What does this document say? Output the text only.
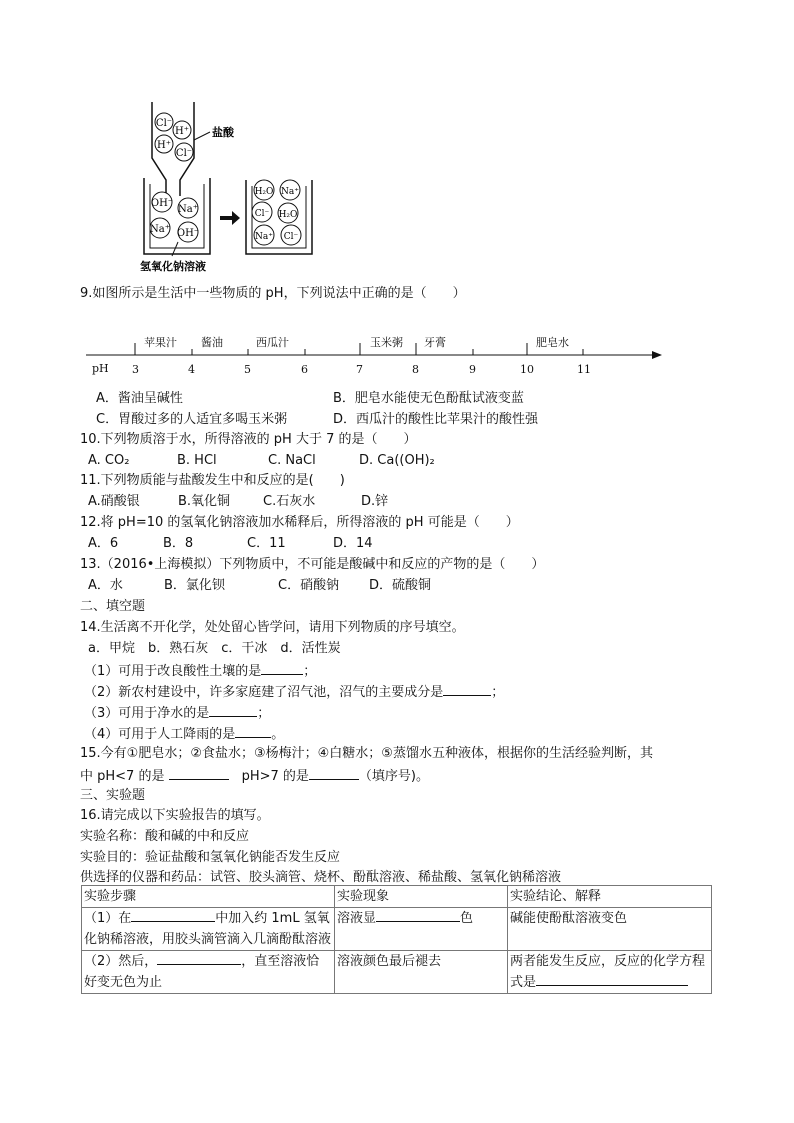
Cl⁻
H⁺
H⁺
Cl⁻
盐酸
OH⁻
Na⁺
Na⁺ OH⁻
氢氧化钠溶液
H₂O Na⁺
Cl⁻ H₂O
Na⁺ Cl⁻
9.如图所示是生活中一些物质的 pH，下列说法中正确的是（　　）
pH 3	4	5	6	7	8	9	10	11
苹果汁 酱油	西瓜汁	玉米粥 牙膏	肥皂水
A．酱油呈碱性	B．肥皂水能使无色酚酞试液变蓝
C．胃酸过多的人适宜多喝玉米粥	D．西瓜汁的酸性比苹果汁的酸性强
10.下列物质溶于水，所得溶液的 pH 大于 7 的是（　　）
A. CO₂	B. HCl	C. NaCl	D. Ca((OH)₂
11.下列物质能与盐酸发生中和反应的是(　　)
A.硝酸银	B.氧化铜	C.石灰水	D.锌
12.将 pH=10 的氢氧化钠溶液加水稀释后，所得溶液的 pH 可能是（　　）
A．6	B．8	C．11	D．14
13.（2016•上海模拟）下列物质中，不可能是酸碱中和反应的产物的是（　　）
A．水	B．氯化钡	C．硝酸钠 D．硫酸铜
二、填空题
14.生活离不开化学，处处留心皆学问，请用下列物质的序号填空。
a．甲烷　b．熟石灰　c．干冰　d．活性炭
（1）可用于改良酸性土壤的是	；
（2）新农村建设中，许多家庭建了沼气池，沼气的主要成分是	；
（3）可用于净水的是	；
（4）可用于人工降雨的是	。
15.今有①肥皂水；②食盐水；③杨梅汁；④白糖水；⑤蒸馏水五种液体，根据你的生活经验判断，其
中 pH<7 的是	　pH>7 的是	（填序号)。
三、实验题
16.请完成以下实验报告的填写。
实验名称：酸和碱的中和反应
实验目的：验证盐酸和氢氧化钠能否发生反应
供选择的仪器和药品：试管、胶头滴管、烧杯、酚酞溶液、稀盐酸、氢氧化钠稀溶液
实验步骤	实验现象	实验结论、解释
（1）在 中加入约 1mL 氢氧化钠稀溶液，用胶头滴管滴入几滴酚酞溶液	溶液显 色	碱能使酚酞溶液变色
（2）然后， ，直至溶液恰好变无色为止	溶液颜色最后褪去	两者能发生反应，反应的化学方程式是
